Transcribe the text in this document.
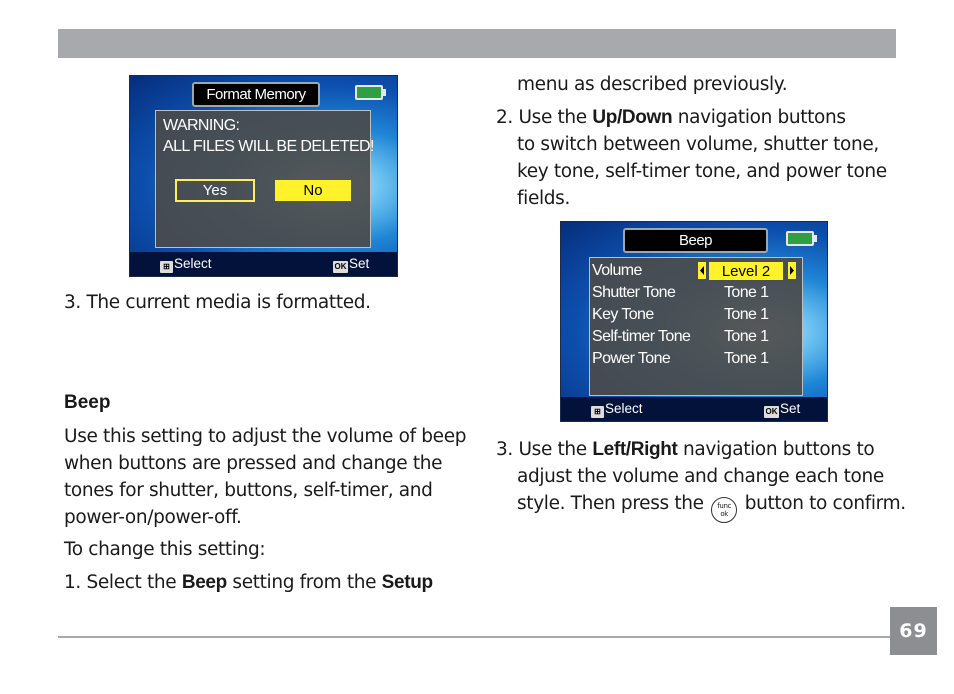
Format Memory
WARNING:
ALL FILES WILL BE DELETED!
Yes	No
⊞ Select	OK Set
3. The current media is formatted.
Beep
Use this setting to adjust the volume of beep
when buttons are pressed and change the
tones for shutter, buttons, self-timer, and
power-on/power-off.
To change this setting:
1. Select the Beep setting from the Setup
menu as described previously.
2. Use the Up/Down navigation buttons
to switch between volume, shutter tone,
key tone, self-timer tone, and power tone
fields.
Beep
Volume	Level 2
Shutter Tone	Tone 1
Key Tone	Tone 1
Self-timer Tone Tone 1
Power Tone	Tone 1
⊞ Select	OK Set
3. Use the Left/Right navigation buttons to
adjust the volume and change each tone
style. Then press the func
ok button to confirm.
69
